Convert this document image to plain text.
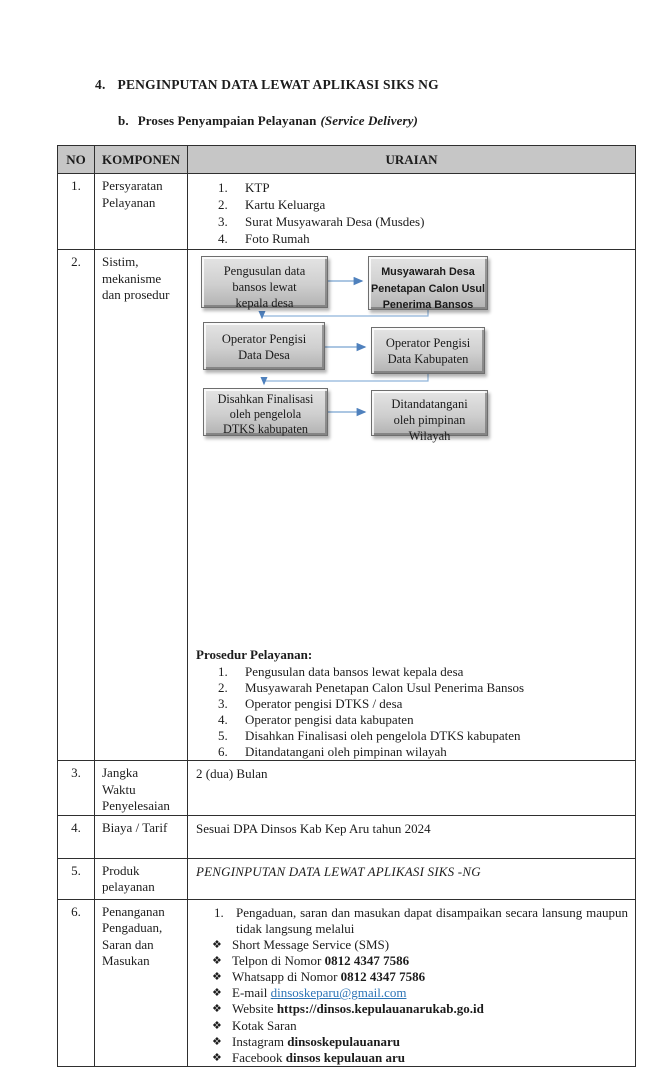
4. PENGINPUTAN DATA LEWAT APLIKASI SIKS NG
b. Proses Penyampaian Pelayanan (Service Delivery)
NO	KOMPONEN	URAIAN
1.	Persyaratan Pelayanan	
KTP
Kartu Keluarga
Surat Musyawarah Desa (Musdes)
Foto Rumah

2.	Sistim, mekanisme dan prosedur	
Pengusulan data
bansos lewat
kepala desa
Musyawarah Desa
Penetapan Calon Usul
Penerima Bansos
Operator Pengisi
Data Desa
Operator Pengisi
Data Kabupaten
Disahkan Finalisasi
oleh pengelola
DTKS kabupaten
Ditandatangani
oleh pimpinan
Wilayah
Prosedur Pelayanan:
Pengusulan data bansos lewat kepala desa
Musyawarah Penetapan Calon Usul Penerima Bansos
Operator pengisi DTKS / desa
Operator pengisi data kabupaten
Disahkan Finalisasi oleh pengelola DTKS kabupaten
Ditandatangani oleh pimpinan wilayah

3.	Jangka Waktu Penyelesaian	2 (dua) Bulan
4.	Biaya / Tarif	Sesuai DPA Dinsos Kab Kep Aru tahun 2024
5.	Produk pelayanan	PENGINPUTAN DATA LEWAT APLIKASI SIKS -NG
6.	Penanganan Pengaduan, Saran dan Masukan	
1. Pengaduan, saran dan masukan dapat disampaikan secara lansung maupun tidak langsung melalui
❖ Short Message Service (SMS)
❖ Telpon di Nomor 0812 4347 7586
❖ Whatsapp di Nomor 0812 4347 7586
❖ E-mail dinsoskeparu@gmail.com
❖ Website https://dinsos.kepulauanarukab.go.id
❖ Kotak Saran
❖ Instagram dinsoskepulauanaru
❖ Facebook dinsos kepulauan aru
